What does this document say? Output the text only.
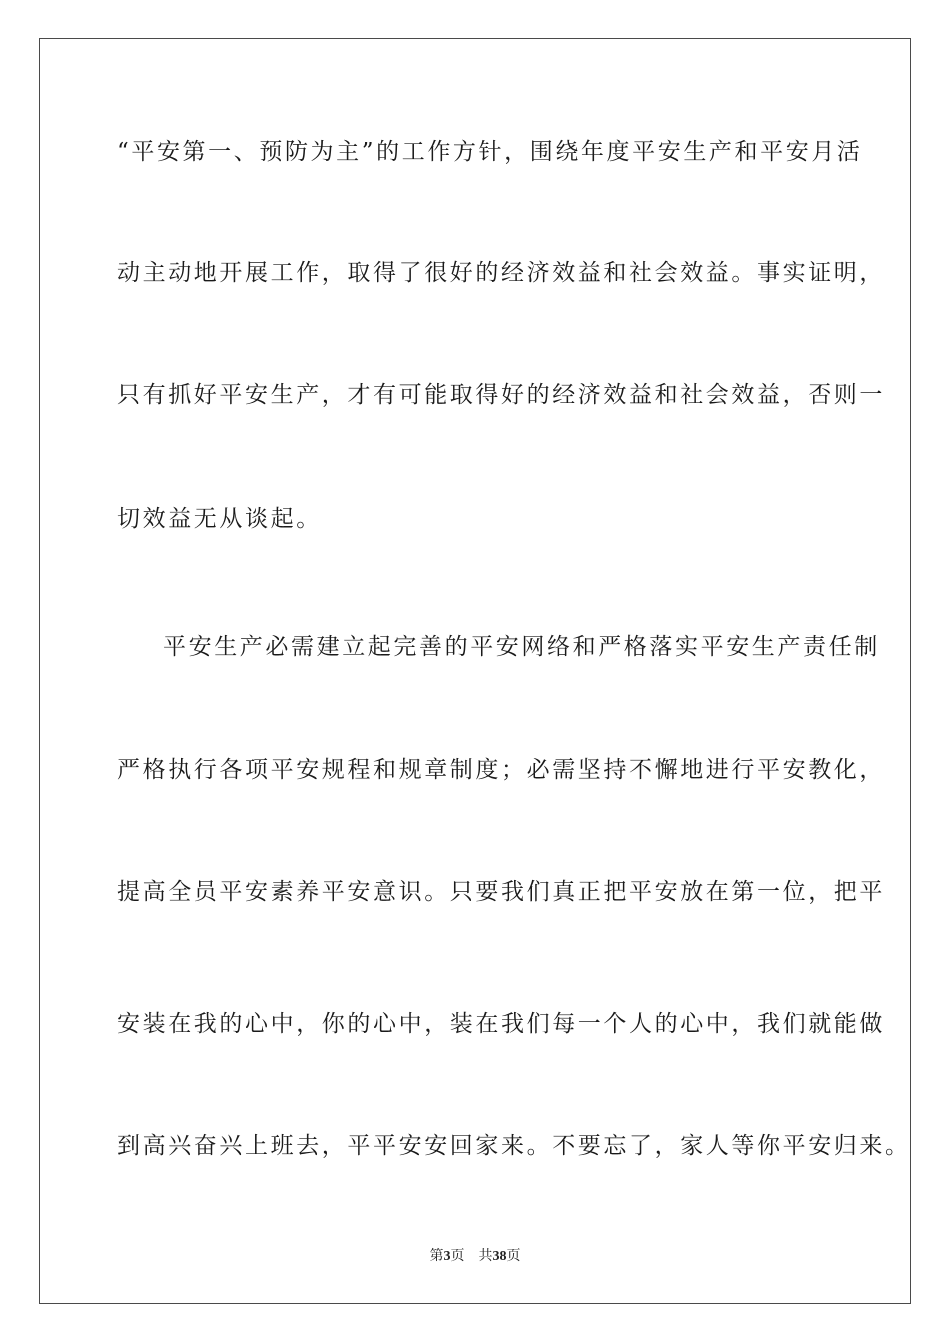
“平安第一、预防为主”的工作方针，围绕年度平安生产和平安月活
动主动地开展工作，取得了很好的经济效益和社会效益。事实证明，
只有抓好平安生产，才有可能取得好的经济效益和社会效益，否则一
切效益无从谈起。
平安生产必需建立起完善的平安网络和严格落实平安生产责任制
严格执行各项平安规程和规章制度；必需坚持不懈地进行平安教化，
提高全员平安素养平安意识。只要我们真正把平安放在第一位，把平
安装在我的心中，你的心中，装在我们每一个人的心中，我们就能做
到高兴奋兴上班去，平平安安回家来。不要忘了，家人等你平安归来。
第3页 共38页
